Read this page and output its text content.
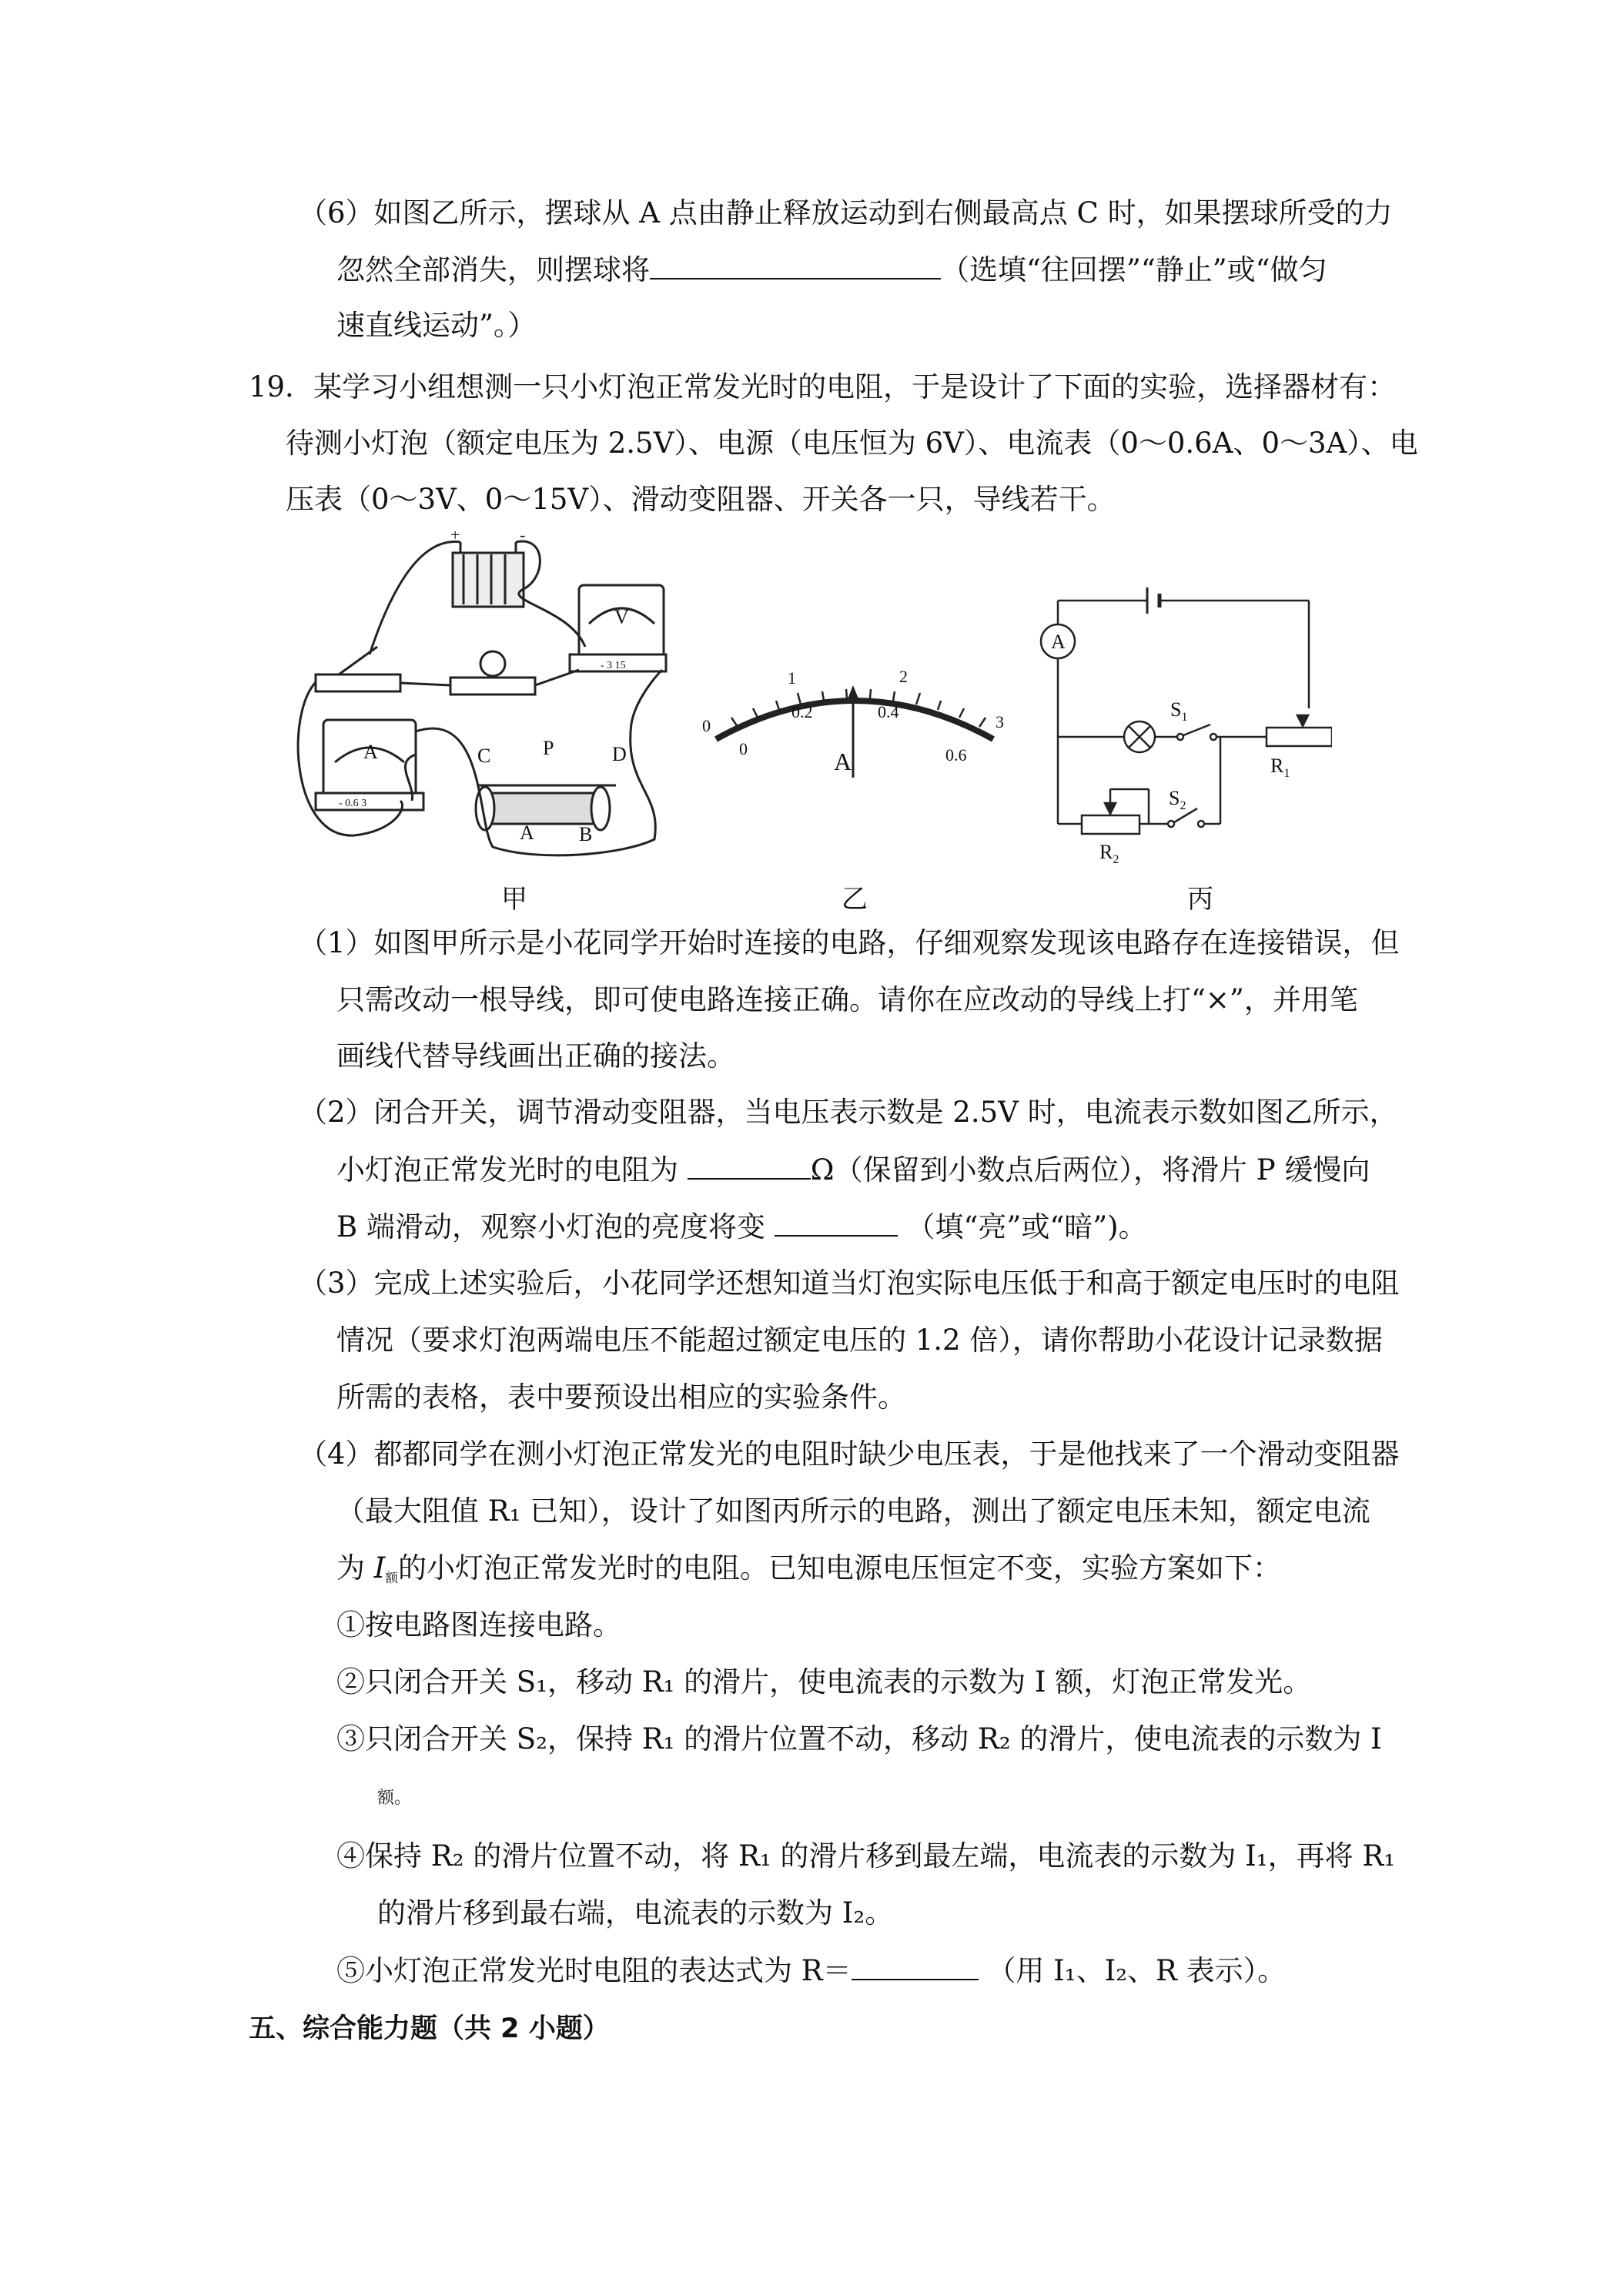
（6）如图乙所示，摆球从 A 点由静止释放运动到右侧最高点 C 时，如果摆球所受的力
忽然全部消失，则摆球将	（选填“往回摆”“静止”或“做匀
速直线运动”。）
19．某学习小组想测一只小灯泡正常发光时的电阻，于是设计了下面的实验，选择器材有：
待测小灯泡（额定电压为 2.5V）、电源（电压恒为 6V）、电流表（0～0.6A、0～3A）、电
压表（0～3V、0～15V）、滑动变阻器、开关各一只，导线若干。
+	-
V
- 3 15
A
- 0.6 3
C	P	D
A B
甲
0
1	2
3
0
0.2	0.4
0.6
A
乙
A
$S_1$
$S_2$
$R_1$
$R_2$
丙
（1）如图甲所示是小花同学开始时连接的电路，仔细观察发现该电路存在连接错误，但
只需改动一根导线，即可使电路连接正确。请你在应改动的导线上打“×”，并用笔
画线代替导线画出正确的接法。
（2）闭合开关，调节滑动变阻器，当电压表示数是 2.5V 时，电流表示数如图乙所示，
小灯泡正常发光时的电阻为	Ω（保留到小数点后两位），将滑片 P 缓慢向
B 端滑动，观察小灯泡的亮度将变	（填“亮”或“暗”)。
（3）完成上述实验后，小花同学还想知道当灯泡实际电压低于和高于额定电压时的电阻
情况（要求灯泡两端电压不能超过额定电压的 1.2 倍），请你帮助小花设计记录数据
所需的表格，表中要预设出相应的实验条件。
（4）都都同学在测小灯泡正常发光的电阻时缺少电压表，于是他找来了一个滑动变阻器
（最大阻值 R₁ 已知），设计了如图丙所示的电路，测出了额定电压未知，额定电流
为 I额的小灯泡正常发光时的电阻。已知电源电压恒定不变，实验方案如下：
①按电路图连接电路。
②只闭合开关 S₁，移动 R₁ 的滑片，使电流表的示数为 I 额，灯泡正常发光。
③只闭合开关 S₂，保持 R₁ 的滑片位置不动，移动 R₂ 的滑片，使电流表的示数为 I
额。
④保持 R₂ 的滑片位置不动，将 R₁ 的滑片移到最左端，电流表的示数为 I₁，再将 R₁
的滑片移到最右端，电流表的示数为 I₂。
⑤小灯泡正常发光时电阻的表达式为 R＝	（用 I₁、I₂、R 表示）。
五、综合能力题（共 2 小题）
